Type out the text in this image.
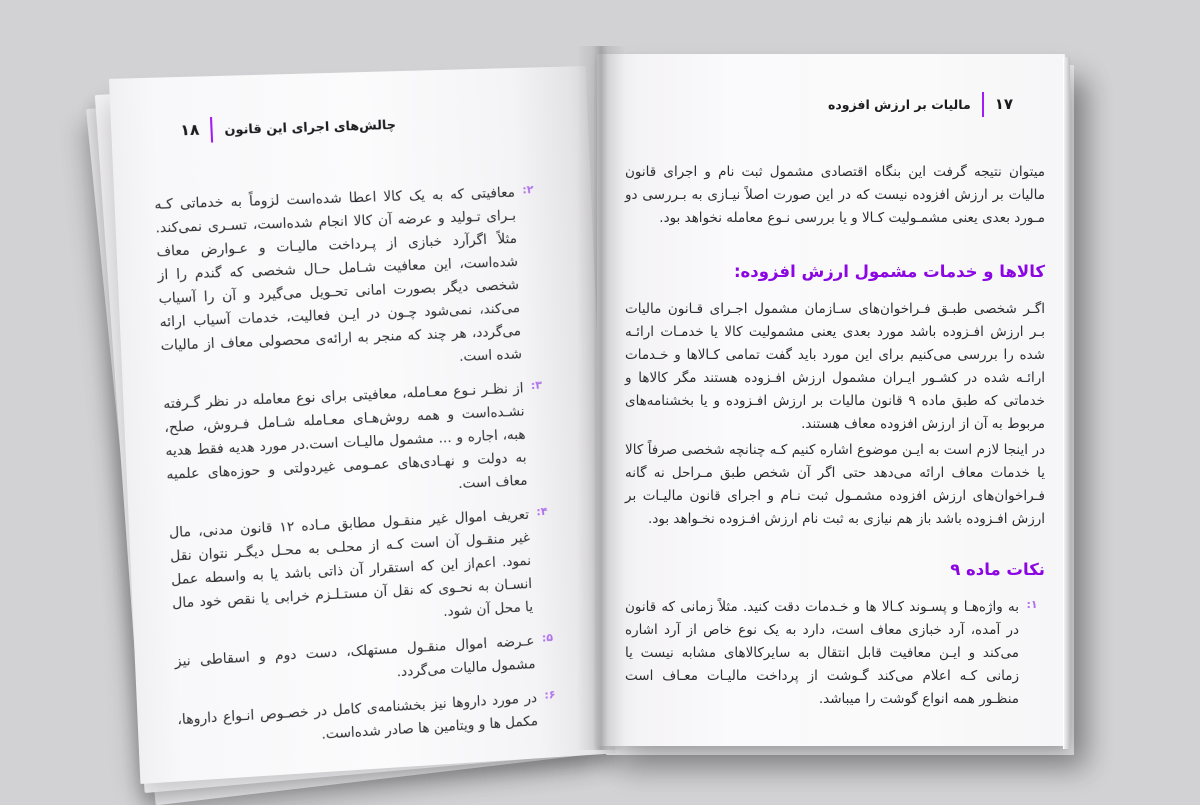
۱۸ چالش‌های اجرای این قانون
۲:

معافیتی که به یک کالا اعطا شده‌است لزوماً به خدماتی کـه بـرای تـولید و عرضه آن کالا انجام شده‌است، تسـری نمی‌کند. مثلاً اگرآرد خبازی از پـرداخت مالیـات و عـوارض معاف شده‌است، این معافیت شـامل حـال شخصی که گندم را از شخصی دیگر بصورت امانی تحـویل می‌گیرد و آن را آسیاب می‌کند، نمی‌شود چـون در ایـن فعالیت، خدمات آسیاب ارائه می‌گردد، هر چند که منجر به ارائه‌ی محصولی معاف از مالیات شده است.

۳:

از نظـر نـوع معـامله، معافیتی برای نوع معامله در نظر گـرفته نشـده‌است و همه روش‌هـای معـامله شـامل فـروش، صلح، هبه، اجاره و ... مشمول مالیـات است.در مورد هدیه فقط هدیه به دولت و نهـادی‌های عمـومی غیردولتی و حوزه‌های علمیه معاف است.

۴:

تعریف اموال غیر منقـول مطابق مـاده ۱۲ قانون مدنی، مال غیر منقـول آن است کـه از محلـی به محـل دیگـر نتوان نقل نمود. اعم‌از این که استقرار آن ذاتی باشد یا به واسطه عمل انسـان به نحـوی که نقل آن مستـلـزم خرابی یا نقص خود مال یا محل آن شود.

۵:

عـرضه اموال منقـول مستهلک، دست دوم و اسقاطی نیز مشمول مالیات می‌گردد.

۶:

در مورد داروها نیز بخشنامه‌ی کامل در خصـوص انـواع داروها، مکمل ها و ویتامین ها صادر شده‌است.

۱۷
مالیات بر ارزش افزوده

میتوان نتیجه گرفت این بنگاه اقتصادی مشمول ثبت نام و اجرای قانون مالیات بر ارزش افزوده نیست که در این صورت اصلاً نیـازی به بـررسی دو مـورد بعدی یعنی مشمـولیت کـالا و یا بررسی نـوع معامله نخواهد بود.

کالاها و خدمات مشمول ارزش افزوده:

اگـر شخصی طبـق فـراخوان‌های سـازمان مشمول اجـرای قـانون مالیات بـر ارزش افـزوده باشد مورد بعدی یعنی مشمولیت کالا یا خدمـات ارائـه شده را بررسی می‌کنیم برای این مورد باید گفت تمامی کـالاها و خـدمات ارائـه شده در کشـور ایـران مشمول ارزش افـزوده هستند مگر کالاها و خدماتی که طبق ماده ۹ قانون مالیات بر ارزش افـزوده و یا بخشنامه‌های مربوط به آن از ارزش افزوده معاف هستند.

در اینجا لازم است به ایـن موضوع اشاره کنیم کـه چنانچه شخصی صرفاً کالا یا خدمات معاف ارائه می‌دهد حتی اگر آن شخص طبق مـراحل نه گانه فـراخوان‌های ارزش افزوده مشمـول ثبت نـام و اجرای قانون مالیـات بر ارزش افـزوده باشد باز هم نیازی به ثبت نام ارزش افـزوده نخـواهد بود.

نکات ماده ۹
۱:

به واژه‌هـا و پسـوند کـالا ها و خـدمات دقت کنید. مثلاً زمانی که قانون در آمده، آرد خبازی معاف است، دارد به یک نوع خاص از آرد اشاره می‌کند و ایـن معافیت قابل انتقال به سایرکالاهای مشابه نیست یا زمانی کـه اعلام می‌کند گـوشت از پرداخت مالیـات معـاف است منظـور همه انواع گوشت را میباشد.
